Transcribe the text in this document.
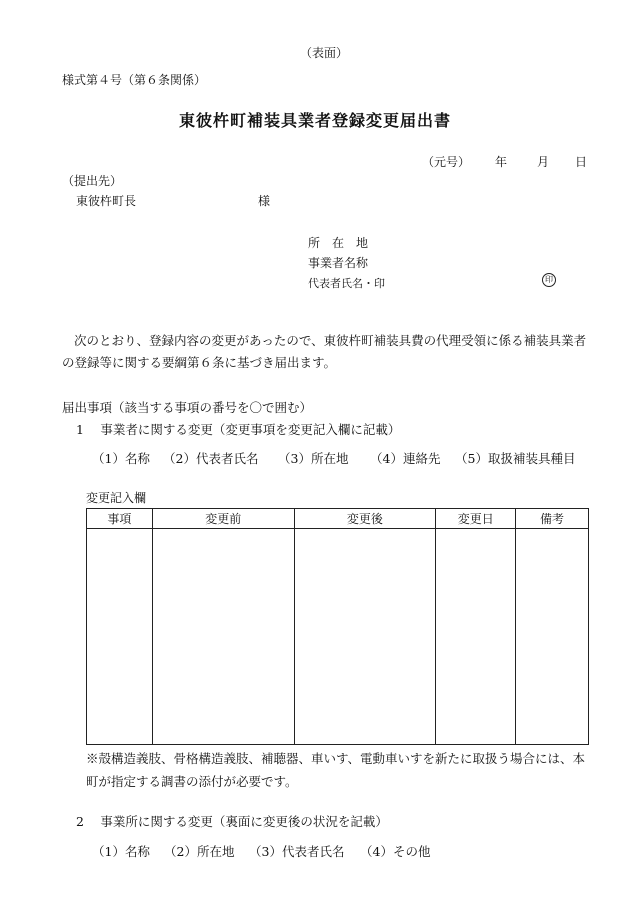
（表面）
様式第４号（第６条関係）
東彼杵町補装具業者登録変更届出書
（元号） 年 月 日
（提出先）
東彼杵町長	様
所　在　地
事業者名称
代表者氏名・印	印
次のとおり、登録内容の変更があったので、東彼杵町補装具費の代理受領に係る補装具業者の登録等に関する要綱第６条に基づき届出ます。
届出事項（該当する事項の番号を〇で囲む）
1　 事業者に関する変更（変更事項を変更記入欄に記載）
（1）名称 （2）代表者氏名 （3）所在地 （4）連絡先 （5）取扱補装具種目
変更記入欄
事項	変更前	変更後	変更日	備考

※殻構造義肢、骨格構造義肢、補聴器、車いす、電動車いすを新たに取扱う場合には、本町が指定する調書の添付が必要です。
2　 事業所に関する変更（裏面に変更後の状況を記載）
（1）名称 （2）所在地 （3）代表者氏名 （4）その他
